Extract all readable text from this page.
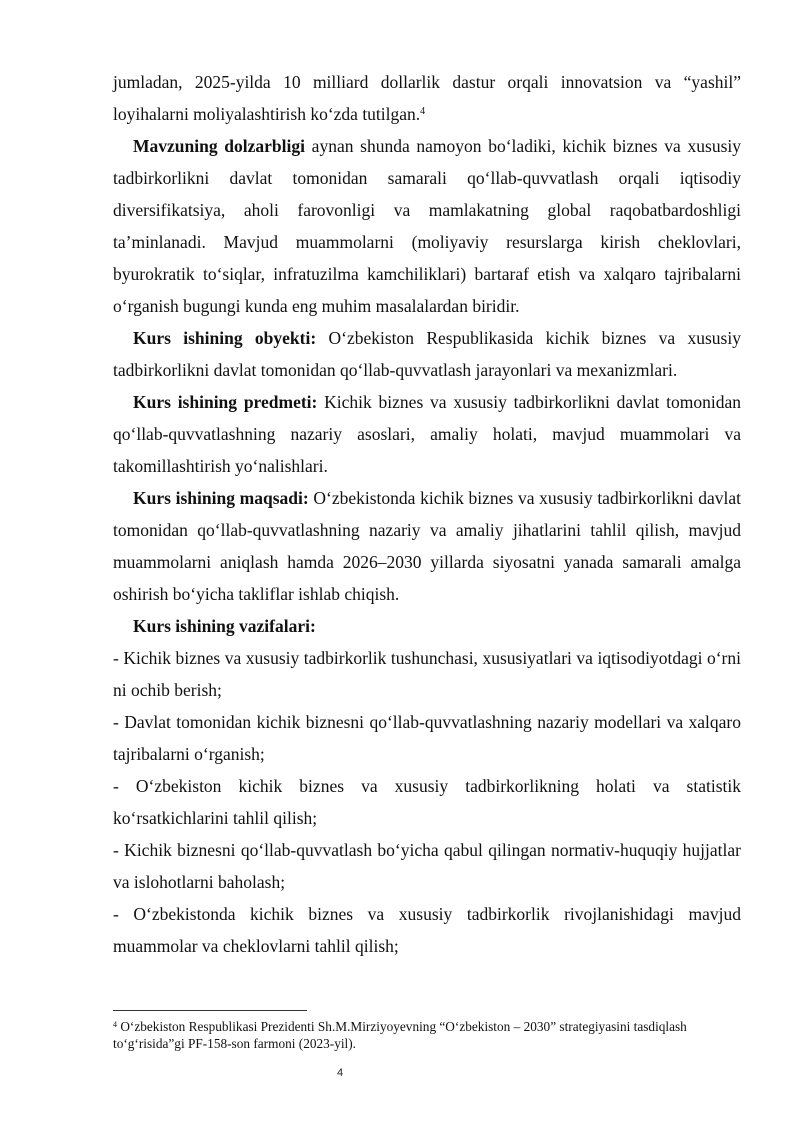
jumladan, 2025-yilda 10 milliard dollarlik dastur orqali innovatsion va “yashil” loyihalarni moliyalashtirish ko‘zda tutilgan.$^4$

Mavzuning dolzarbligi aynan shunda namoyon bo‘ladiki, kichik biznes va xususiy tadbirkorlikni davlat tomonidan samarali qo‘llab-quvvatlash orqali iqtisodiy diversifikatsiya, aholi farovonligi va mamlakatning global raqobatbardoshligi ta’minlanadi. Mavjud muammolarni (moliyaviy resurslarga kirish cheklovlari, byurokratik to‘siqlar, infratuzilma kamchiliklari) bartaraf etish va xalqaro tajribalarni o‘rganish bugungi kunda eng muhim masalalardan biridir.

Kurs ishining obyekti: O‘zbekiston Respublikasida kichik biznes va xususiy tadbirkorlikni davlat tomonidan qo‘llab-quvvatlash jarayonlari va mexanizmlari.

Kurs ishining predmeti: Kichik biznes va xususiy tadbirkorlikni davlat tomonidan qo‘llab-quvvatlashning nazariy asoslari, amaliy holati, mavjud muammolari va takomillashtirish yo‘nalishlari.

Kurs ishining maqsadi: O‘zbekistonda kichik biznes va xususiy tadbirkorlikni davlat tomonidan qo‘llab-quvvatlashning nazariy va amaliy jihatlarini tahlil qilish, mavjud muammolarni aniqlash hamda 2026–2030 yillarda siyosatni yanada samarali amalga oshirish bo‘yicha takliflar ishlab chiqish.

Kurs ishining vazifalari:

- Kichik biznes va xususiy tadbirkorlik tushunchasi, xususiyatlari va iqtisodiyotdagi o‘rni ni ochib berish;
- Davlat tomonidan kichik biznesni qo‘llab-quvvatlashning nazariy modellari va xalqaro tajribalarni o‘rganish;
- O‘zbekiston kichik biznes va xususiy tadbirkorlikning holati va statistik ko‘rsatkichlarini tahlil qilish;
- Kichik biznesni qo‘llab-quvvatlash bo‘yicha qabul qilingan normativ-huquqiy hujjatlar va islohotlarni baholash;
- O‘zbekistonda kichik biznes va xususiy tadbirkorlik rivojlanishidagi mavjud muammolar va cheklovlarni tahlil qilish;
$^4$ O‘zbekiston Respublikasi Prezidenti Sh.M.Mirziyoyevning “O‘zbekiston – 2030” strategiyasini tasdiqlash to‘g‘risida”gi PF-158-son farmoni (2023-yil).
4
